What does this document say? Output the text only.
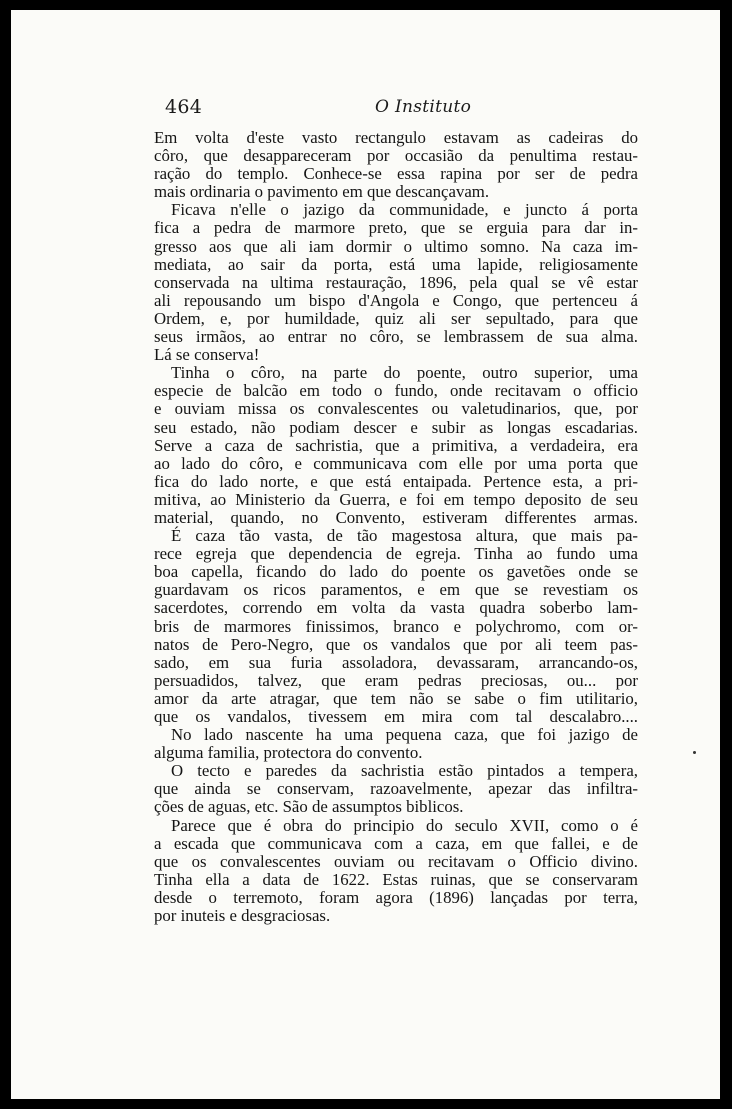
464	O Instituto
Em volta d'este vasto rectangulo estavam as cadeiras do
côro, que desappareceram por occasião da penultima restau-
ração do templo. Conhece-se essa rapina por ser de pedra
mais ordinaria o pavimento em que descançavam.
Ficava n'elle o jazigo da communidade, e juncto á porta
fica a pedra de marmore preto, que se erguia para dar in-
gresso aos que ali iam dormir o ultimo somno. Na caza im-
mediata, ao sair da porta, está uma lapide, religiosamente
conservada na ultima restauração, 1896, pela qual se vê estar
ali repousando um bispo d'Angola e Congo, que pertenceu á
Ordem, e, por humildade, quiz ali ser sepultado, para que
seus irmãos, ao entrar no côro, se lembrassem de sua alma.
Lá se conserva!
Tinha o côro, na parte do poente, outro superior, uma
especie de balcão em todo o fundo, onde recitavam o officio
e ouviam missa os convalescentes ou valetudinarios, que, por
seu estado, não podiam descer e subir as longas escadarias.
Serve a caza de sachristia, que a primitiva, a verdadeira, era
ao lado do côro, e communicava com elle por uma porta que
fica do lado norte, e que está entaipada. Pertence esta, a pri-
mitiva, ao Ministerio da Guerra, e foi em tempo deposito de seu
material, quando, no Convento, estiveram differentes armas.
É caza tão vasta, de tão magestosa altura, que mais pa-
rece egreja que dependencia de egreja. Tinha ao fundo uma
boa capella, ficando do lado do poente os gavetões onde se
guardavam os ricos paramentos, e em que se revestiam os
sacerdotes, correndo em volta da vasta quadra soberbo lam-
bris de marmores finissimos, branco e polychromo, com or-
natos de Pero-Negro, que os vandalos que por ali teem pas-
sado, em sua furia assoladora, devassaram, arrancando-os,
persuadidos, talvez, que eram pedras preciosas, ou... por
amor da arte atragar, que tem não se sabe o fim utilitario,
que os vandalos, tivessem em mira com tal descalabro....
No lado nascente ha uma pequena caza, que foi jazigo de
alguma familia, protectora do convento.
O tecto e paredes da sachristia estão pintados a tempera,
que ainda se conservam, razoavelmente, apezar das infiltra-
ções de aguas, etc. São de assumptos biblicos.
Parece que é obra do principio do seculo XVII, como o é
a escada que communicava com a caza, em que fallei, e de
que os convalescentes ouviam ou recitavam o Officio divino.
Tinha ella a data de 1622. Estas ruinas, que se conservaram
desde o terremoto, foram agora (1896) lançadas por terra,
por inuteis e desgraciosas.
